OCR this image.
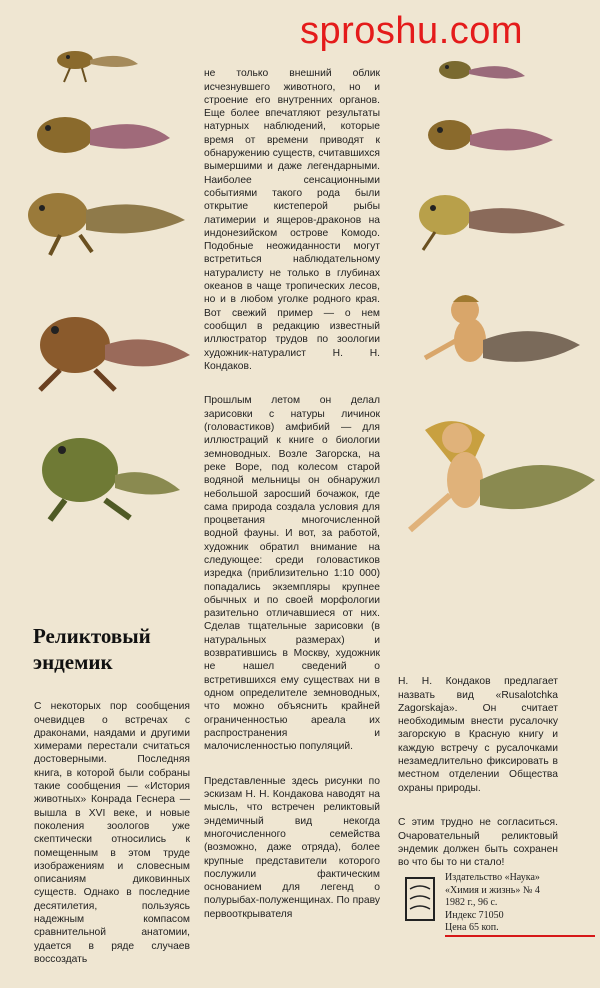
sproshu.com

не только внешний облик исчезнувшего животного, но и строение его внутренних органов. Еще более впечатляют результаты натурных наблюдений, которые время от времени приводят к обнаружению существ, считавшихся вымершими и даже легендарными. Наиболее сенсационными событиями такого рода были открытие кистеперой рыбы латимерии и ящеров-драконов на индонезийском острове Комодо. Подобные неожиданности могут встретиться наблюдательному натуралисту не только в глубинах океанов в чаще тропических лесов, но и в любом уголке родного края. Вот свежий пример — о нем сообщил в редакцию известный иллюстратор трудов по зоологии художник-натуралист Н. Н. Кондаков.

Прошлым летом он делал зарисовки с натуры личинок (головастиков) амфибий — для иллюстраций к книге о биологии земноводных. Возле Загорска, на реке Воре, под колесом старой водяной мельницы он обнаружил небольшой заросший бочажок, где сама природа создала условия для процветания многочисленной водной фауны. И вот, за работой, художник обратил внимание на следующее: среди головастиков изредка (приблизительно 1:10 000) попадались экземпляры крупнее обычных и по своей морфологии разительно отличавшиеся от них. Сделав тщательные зарисовки (в натуральных размерах) и возвратившись в Москву, художник не нашел сведений о встретившихся ему существах ни в одном определителе земноводных, что можно объяснить крайней ограниченностью ареала их распространения и малочисленностью популяций.

Представленные здесь рисунки по эскизам Н. Н. Кондакова наводят на мысль, что встречен реликтовый эндемичный вид некогда многочисленного семейства (возможно, даже отряда), более крупные представители которого послужили фактическим основанием для легенд о полурыбах-полуженщинах. По праву первооткрывателя

Реликтовый эндемик

С некоторых пор сообщения очевидцев о встречах с драконами, наядами и другими химерами перестали считаться достоверными. Последняя книга, в которой были собраны такие сообщения — «История животных» Конрада Геснера — вышла в XVI веке, и новые поколения зоологов уже скептически относились к помещенным в этом труде изображениям и словесным описаниям диковинных существ. Однако в последние десятилетия, пользуясь надежным компасом сравнительной анатомии, удается в ряде случаев воссоздать

Н. Н. Кондаков предлагает назвать вид «Rusalotchka Zagorskaja». Он считает необходимым внести русалочку загорскую в Красную книгу и каждую встречу с русалочками незамедлительно фиксировать в местном отделении Общества охраны природы.

С этим трудно не согласиться. Очаровательный реликтовый эндемик должен быть сохранен во что бы то ни стало!

Издательство «Наука»
«Химия и жизнь» № 4
1982 г., 96 с.
Индекс 71050
Цена 65 коп.
